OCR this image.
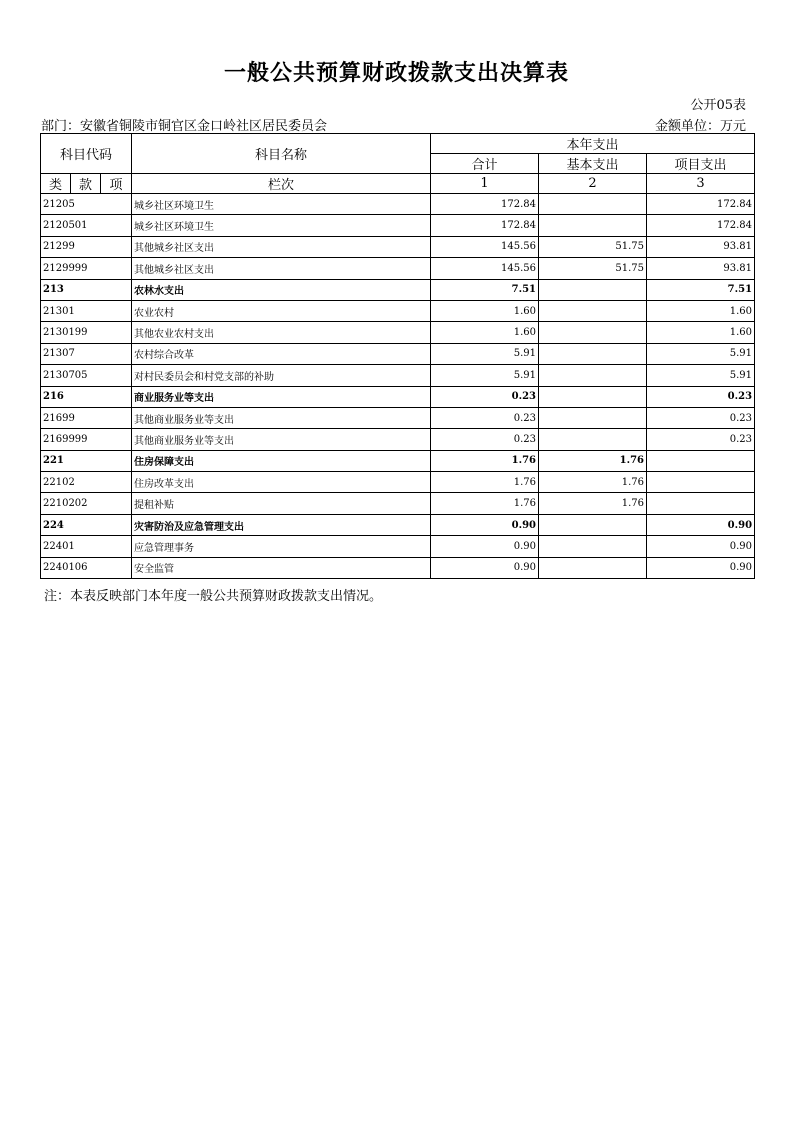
一般公共预算财政拨款支出决算表
公开05表
部门：安徽省铜陵市铜官区金口岭社区居民委员会	金额单位：万元
科目代码			科目名称	本年支出		
				合计	基本支出	项目支出
类	款	项	栏次	1	2	3
21205			城乡社区环境卫生	172.84		172.84
2120501			城乡社区环境卫生	172.84		172.84
21299			其他城乡社区支出	145.56	51.75	93.81
2129999			其他城乡社区支出	145.56	51.75	93.81
213			农林水支出	7.51		7.51
21301			农业农村	1.60		1.60
2130199			其他农业农村支出	1.60		1.60
21307			农村综合改革	5.91		5.91
2130705			对村民委员会和村党支部的补助	5.91		5.91
216			商业服务业等支出	0.23		0.23
21699			其他商业服务业等支出	0.23		0.23
2169999			其他商业服务业等支出	0.23		0.23
221			住房保障支出	1.76	1.76	
22102			住房改革支出	1.76	1.76	
2210202			提租补贴	1.76	1.76	
224			灾害防治及应急管理支出	0.90		0.90
22401			应急管理事务	0.90		0.90
2240106			安全监管	0.90		0.90
注：本表反映部门本年度一般公共预算财政拨款支出情况。
